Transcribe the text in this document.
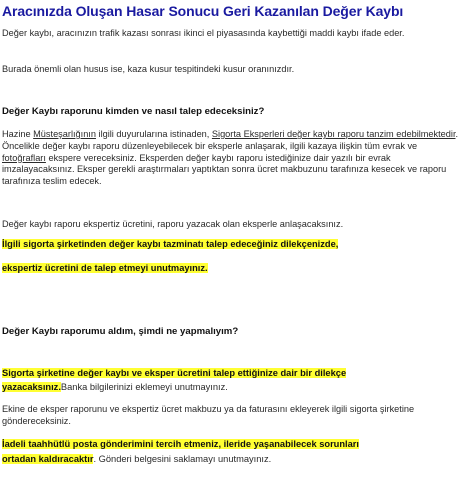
Aracınızda Oluşan Hasar Sonucu Geri Kazanılan Değer Kaybı

Değer kaybı, aracınızın trafik kazası sonrası ikinci el piyasasında kaybettiği maddi kaybı ifade eder.

Burada önemli olan husus ise, kaza kusur tespitindeki kusur oranınızdır.

Değer Kaybı raporunu kimden ve nasıl talep edeceksiniz?

Hazine Müsteşarlığının ilgili duyurularına istinaden, Sigorta Eksperleri değer kaybı raporu tanzim edebilmektedir. Öncelikle değer kaybı raporu düzenleyebilecek bir eksperle anlaşarak, ilgili kazaya ilişkin tüm evrak ve fotoğrafları ekspere vereceksiniz. Eksperden değer kaybı raporu istediğinize dair yazılı bir evrak imzalayacaksınız. Eksper gerekli araştırmaları yaptıktan sonra ücret makbuzunu tarafınıza kesecek ve raporu tarafınıza teslim edecek.

Değer kaybı raporu ekspertiz ücretini, raporu yazacak olan eksperle anlaşacaksınız.

İlgili sigorta şirketinden değer kaybı tazminatı talep edeceğiniz dilekçenizde,

ekspertiz ücretini de talep etmeyi unutmayınız.

Değer Kaybı raporumu aldım, şimdi ne yapmalıyım?

Sigorta şirketine değer kaybı ve eksper ücretini talep ettiğinize dair bir dilekçe

yazacaksınız.Banka bilgilerinizi eklemeyi unutmayınız.

Ekine de eksper raporunu ve ekspertiz ücret makbuzu ya da faturasını ekleyerek ilgili sigorta şirketine göndereceksiniz.

İadeli taahhütlü posta gönderimini tercih etmeniz, ileride yaşanabilecek sorunları

ortadan kaldıracaktır. Gönderi belgesini saklamayı unutmayınız.
